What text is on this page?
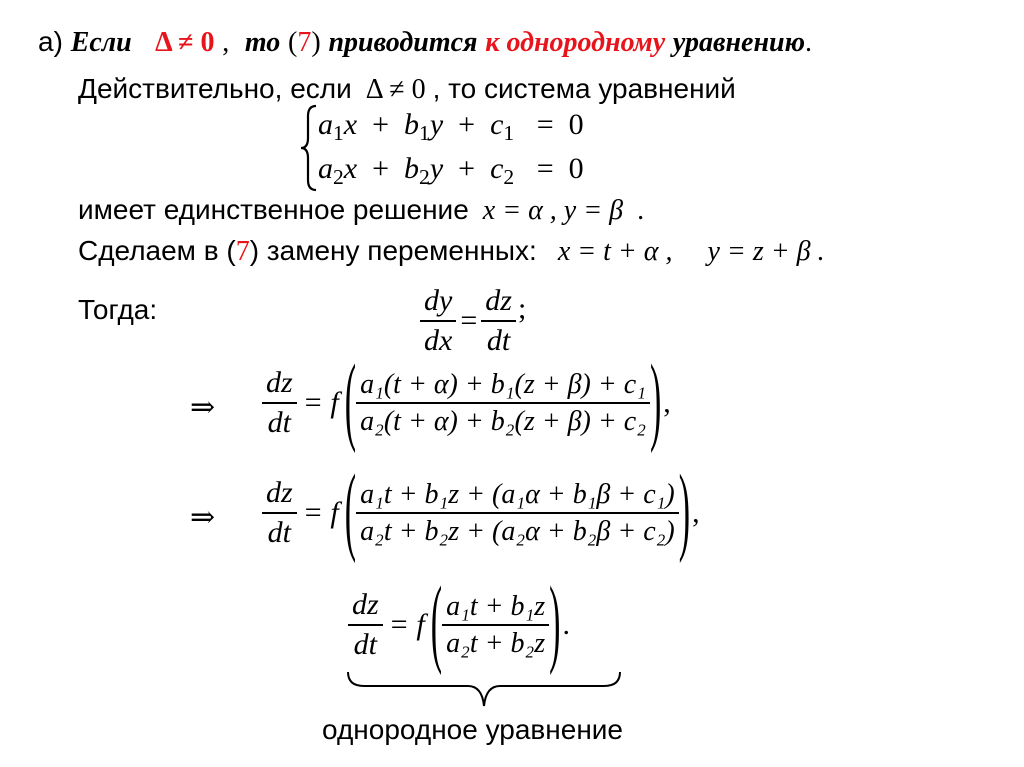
а) Если Δ ≠ 0 , то (7) приводится к однородному уравнению.
Действительно, если Δ ≠ 0 , то система уравнений
$a_1x + b_1y + c_1 = 0$
$a_2x + b_2y + c_2 = 0$
имеет единственное решение x = α , y = β .
Сделаем в (7) замену переменных: x = t + α ,     y = z + β .
Тогда:	$\frac{dy}{dx} = \frac{dz}{dt}$ ;
⇒ $\frac{dz}{dt} = f$ ( $\frac{\text{a₁(t + α) + b₁(z + β) + c₁}}{\text{a₂(t + α) + b₂(z + β) + c₂}}$ ) ,
⇒ $\frac{dz}{dt} = f$ ( $\frac{\text{a₁t + b₁z + (a₁α + b₁β + c₁)}}{\text{a₂t + b₂z + (a₂α + b₂β + c₂)}}$ ) ,
$\frac{dz}{dt} = f$ ( $\frac{\text{a₁t + b₁z}}{\text{a₂t + b₂z}}$ ) .
однородное уравнение
